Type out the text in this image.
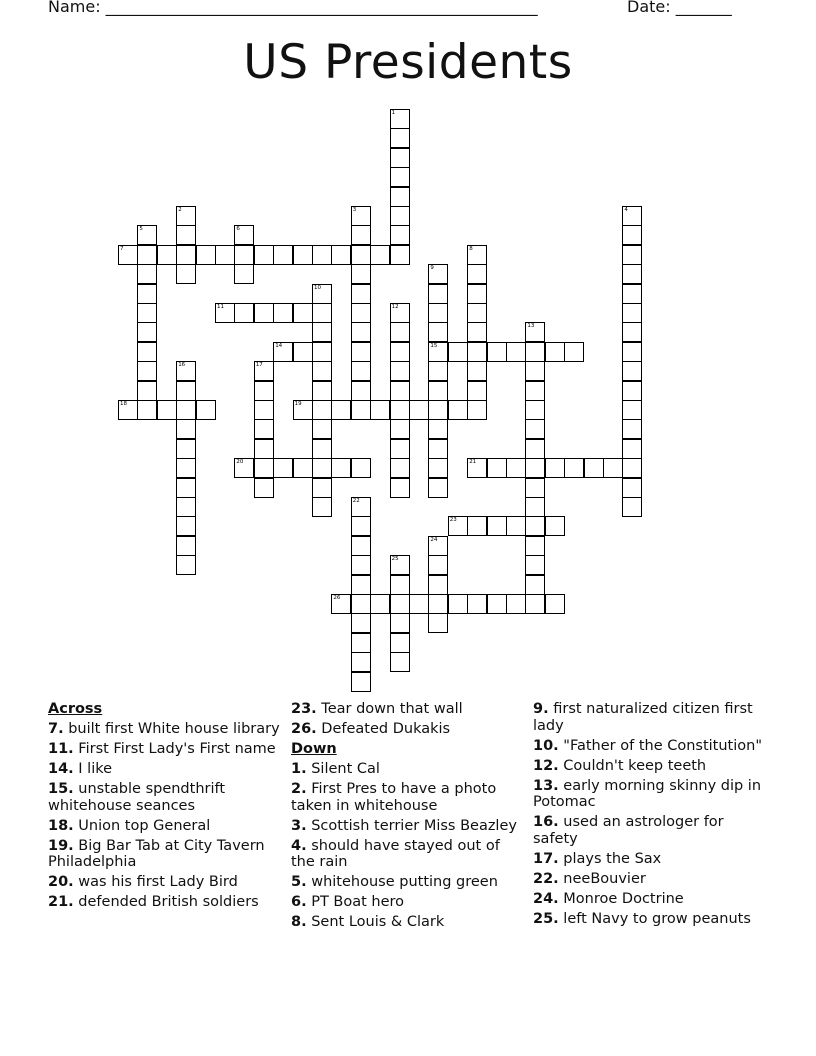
Name: ______________________________________________________	Date: _______
US Presidents
1
2	3	4
5	6
7	8
9
15
10
11	12
13
14
16	17
18	19
20	21
22
23
24
25
26
Across
7. built first White house library
11. First First Lady's First name
14. I like
15. unstable spendthrift whitehouse seances
18. Union top General
19. Big Bar Tab at City Tavern Philadelphia
20. was his first Lady Bird
21. defended British soldiers
23. Tear down that wall
26. Defeated Dukakis
Down
1. Silent Cal
2. First Pres to have a photo taken in whitehouse
3. Scottish terrier Miss Beazley
4. should have stayed out of the rain
5. whitehouse putting green
6. PT Boat hero
8. Sent Louis & Clark
9. first naturalized citizen first lady
10. "Father of the Constitution"
12. Couldn't keep teeth
13. early morning skinny dip in Potomac
16. used an astrologer for safety
17. plays the Sax
22. neeBouvier
24. Monroe Doctrine
25. left Navy to grow peanuts
